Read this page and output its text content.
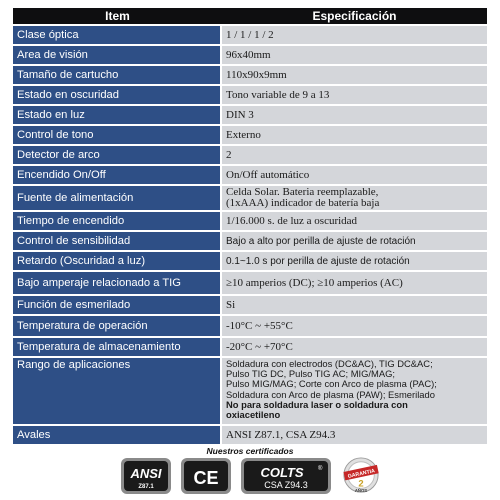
Item	Especificación
Clase óptica	1 / 1 / 1 / 2
Area de visión	96x40mm
Tamaño de cartucho	110x90x9mm
Estado en oscuridad	Tono variable de 9 a 13
Estado en luz	DIN 3
Control de tono	Externo
Detector de arco	2
Encendido On/Off	On/Off automático
Fuente de alimentación	Celda Solar. Bateria reemplazable,
(1xAAA) indicador de batería baja
Tiempo de encendido	1/16.000 s. de luz a oscuridad
Control de sensibilidad	Bajo a alto por perilla de ajuste de rotación
Retardo (Oscuridad a luz)	0.1~1.0 s por perilla de ajuste de rotación
Bajo amperaje relacionado a TIG	≥10 amperios (DC); ≥10 amperios (AC)
Función de esmerilado	Si
Temperatura de operación	-10°C ~ +55°C
Temperatura de almacenamiento	-20°C ~ +70°C
Rango de aplicaciones	Soldadura con electrodos (DC&AC), TIG DC&AC;
Pulso TIG DC, Pulso TIG AC; MIG/MAG;
Pulso MIG/MAG; Corte con Arco de plasma (PAC);
Soldadura con Arco de plasma (PAW); Esmerilado
No para soldadura laser o soldadura con
oxiacetileno
Avales	ANSI Z87.1, CSA Z94.3
Nuestros certificados
ANSI
Z87.1 CE	COLTS ®
CSA Z94.3
GARANTIA
2
AÑOS
